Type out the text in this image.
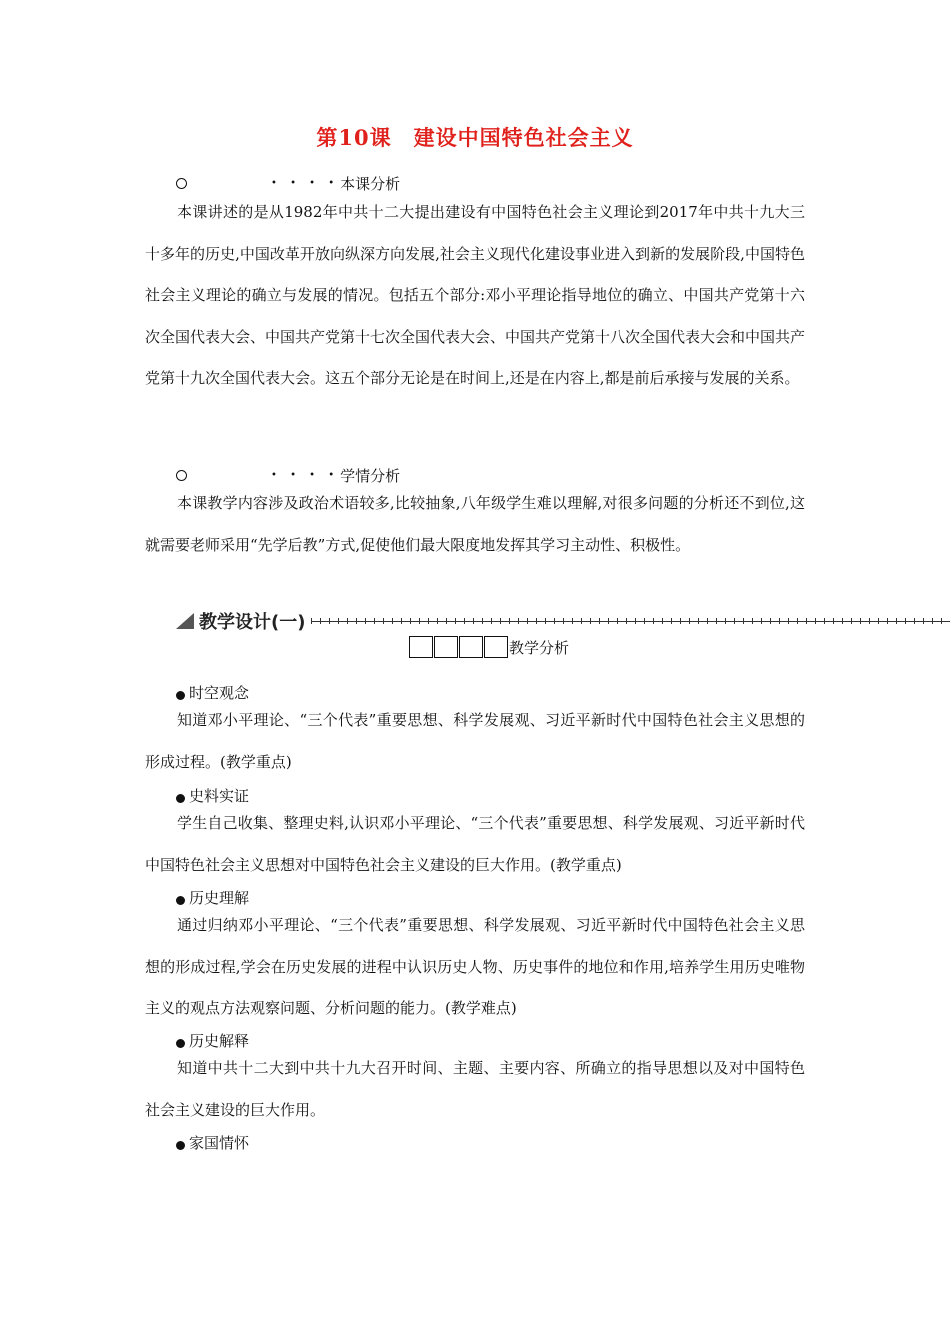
第10课　建设中国特色社会主义
• • • • 本课分析

本课讲述的是从1982年中共十二大提出建设有中国特色社会主义理论到2017年中共十九大三十多年的历史,中国改革开放向纵深方向发展,社会主义现代化建设事业进入到新的发展阶段,中国特色社会主义理论的确立与发展的情况。包括五个部分:邓小平理论指导地位的确立、中国共产党第十六次全国代表大会、中国共产党第十七次全国代表大会、中国共产党第十八次全国代表大会和中国共产党第十九次全国代表大会。这五个部分无论是在时间上,还是在内容上,都是前后承接与发展的关系。

• • • • 学情分析

本课教学内容涉及政治术语较多,比较抽象,八年级学生难以理解,对很多问题的分析还不到位,这就需要老师采用“先学后教”方式,促使他们最大限度地发挥其学习主动性、积极性。

教学设计(一)
教学分析
时空观念

知道邓小平理论、“三个代表”重要思想、科学发展观、习近平新时代中国特色社会主义思想的形成过程。(教学重点)

史料实证

学生自己收集、整理史料,认识邓小平理论、“三个代表”重要思想、科学发展观、习近平新时代中国特色社会主义思想对中国特色社会主义建设的巨大作用。(教学重点)

历史理解

通过归纳邓小平理论、“三个代表”重要思想、科学发展观、习近平新时代中国特色社会主义思想的形成过程,学会在历史发展的进程中认识历史人物、历史事件的地位和作用,培养学生用历史唯物主义的观点方法观察问题、分析问题的能力。(教学难点)

历史解释

知道中共十二大到中共十九大召开时间、主题、主要内容、所确立的指导思想以及对中国特色社会主义建设的巨大作用。

家国情怀
